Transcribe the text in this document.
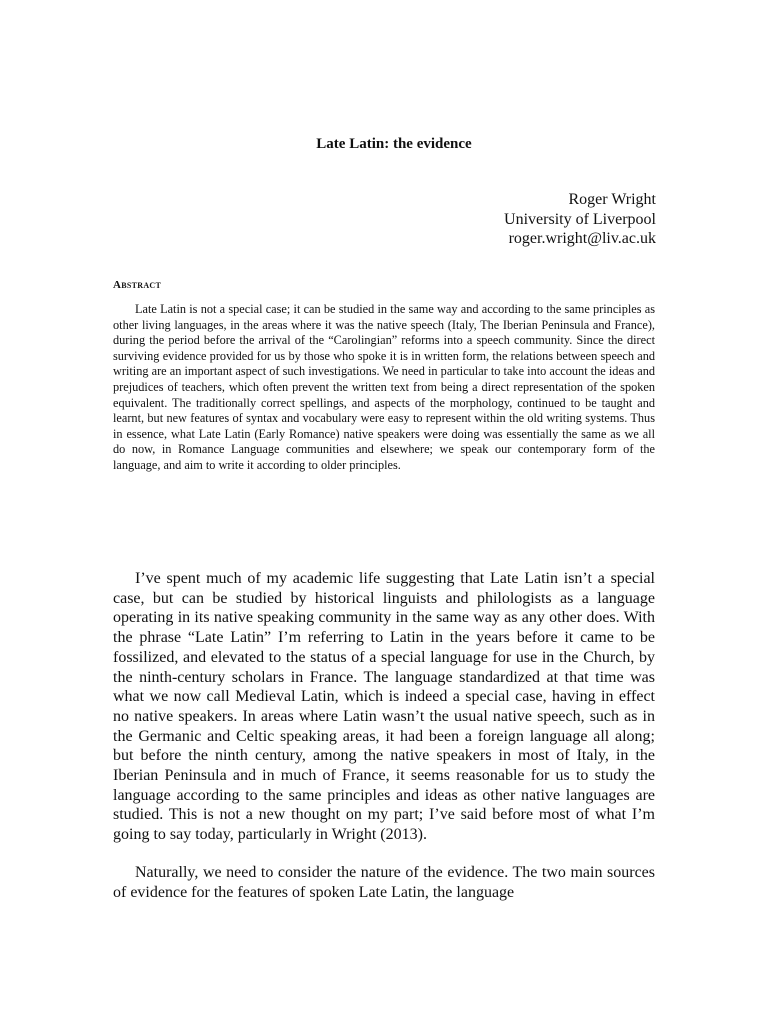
Late Latin: the evidence
Roger Wright
University of Liverpool
roger.wright@liv.ac.uk
Abstract

Late Latin is not a special case; it can be studied in the same way and according to the same principles as other living languages, in the areas where it was the native speech (Italy, The Iberian Peninsula and France), during the period before the arrival of the “Carolingian” reforms into a speech community. Since the direct surviving evidence provided for us by those who spoke it is in written form, the relations between speech and writing are an important aspect of such investigations. We need in particular to take into account the ideas and prejudices of teachers, which often prevent the written text from being a direct representation of the spoken equivalent. The traditionally correct spellings, and aspects of the morphology, continued to be taught and learnt, but new features of syntax and vocabulary were easy to represent within the old writing systems. Thus in essence, what Late Latin (Early Romance) native speakers were doing was essentially the same as we all do now, in Romance Language communities and elsewhere; we speak our contemporary form of the language, and aim to write it according to older principles.

I’ve spent much of my academic life suggesting that Late Latin isn’t a special case, but can be studied by historical linguists and philologists as a language operating in its native speaking community in the same way as any other does. With the phrase “Late Latin” I’m referring to Latin in the years before it came to be fossilized, and elevated to the status of a special language for use in the Church, by the ninth-century scholars in France. The language standardized at that time was what we now call Medieval Latin, which is indeed a special case, having in effect no native speakers. In areas where Latin wasn’t the usual native speech, such as in the Germanic and Celtic speaking areas, it had been a foreign language all along; but before the ninth century, among the native speakers in most of Italy, in the Iberian Peninsula and in much of France, it seems reasonable for us to study the language according to the same principles and ideas as other native languages are studied. This is not a new thought on my part; I’ve said before most of what I’m going to say today, particularly in Wright (2013).

Naturally, we need to consider the nature of the evidence. The two main sources of evidence for the features of spoken Late Latin, the language
